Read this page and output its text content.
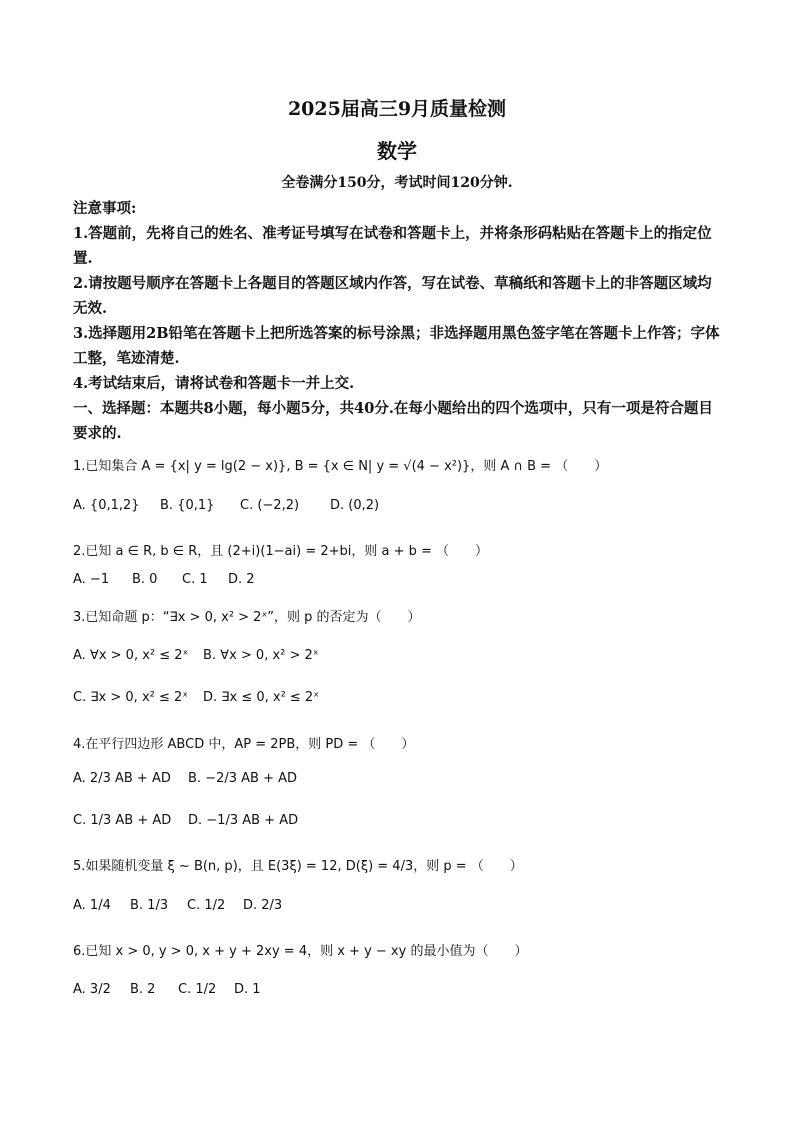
2025届高三9月质量检测
数学
全卷满分150分，考试时间120分钟.
注意事项:
1.答题前，先将自己的姓名、准考证号填写在试卷和答题卡上，并将条形码粘贴在答题卡上的指定位置.
2.请按题号顺序在答题卡上各题目的答题区域内作答，写在试卷、草稿纸和答题卡上的非答题区域均无效.
3.选择题用2B铅笔在答题卡上把所选答案的标号涂黑；非选择题用黑色签字笔在答题卡上作答；字体工整，笔迹清楚.
4.考试结束后，请将试卷和答题卡一并上交.
一、选择题：本题共8小题，每小题5分，共40分.在每小题给出的四个选项中，只有一项是符合题目要求的.
1.已知集合 A = {x| y = lg(2 − x)}, B = {x ∈ N| y = √(4 − x²)}，则 A ∩ B = （　　）
A. {0,1,2} B. {0,1} C. (−2,2) D. (0,2)
2.已知 a ∈ R, b ∈ R，且 (2+i)(1−ai) = 2+bi，则 a + b = （　　）
A. −1 B. 0 C. 1 D. 2
3.已知命题 p：“∃x > 0, x² > 2ˣ”，则 p 的否定为（　　）
A. ∀x > 0, x² ≤ 2ˣ B. ∀x > 0, x² > 2ˣ
C. ∃x > 0, x² ≤ 2ˣ D. ∃x ≤ 0, x² ≤ 2ˣ
4.在平行四边形 ABCD 中，AP = 2PB，则 PD = （　　）
A. 2/3 AB + AD B. −2/3 AB + AD
C. 1/3 AB + AD D. −1/3 AB + AD
5.如果随机变量 ξ ~ B(n, p)，且 E(3ξ) = 12, D(ξ) = 4/3，则 p = （　　）
A. 1/4 B. 1/3 C. 1/2 D. 2/3
6.已知 x > 0, y > 0, x + y + 2xy = 4，则 x + y − xy 的最小值为（　　）
A. 3/2 B. 2 C. 1/2 D. 1
